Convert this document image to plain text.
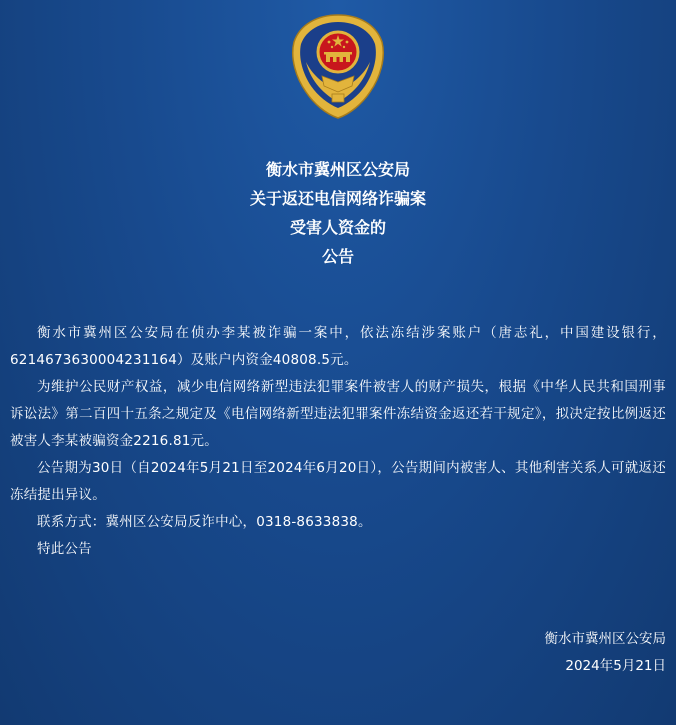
衡水市冀州区公安局
关于返还电信网络诈骗案
受害人资金的
公告

衡水市冀州区公安局在侦办李某被诈骗一案中，依法冻结涉案账户（唐志礼，中国建设银行，6214673630004231164）及账户内资金40808.5元。

为维护公民财产权益，减少电信网络新型违法犯罪案件被害人的财产损失，根据《中华人民共和国刑事诉讼法》第二百四十五条之规定及《电信网络新型违法犯罪案件冻结资金返还若干规定》，拟决定按比例返还被害人李某被骗资金2216.81元。

公告期为30日（自2024年5月21日至2024年6月20日），公告期间内被害人、其他利害关系人可就返还冻结提出异议。

联系方式：冀州区公安局反诈中心，0318-8633838。

特此公告

衡水市冀州区公安局
2024年5月21日
